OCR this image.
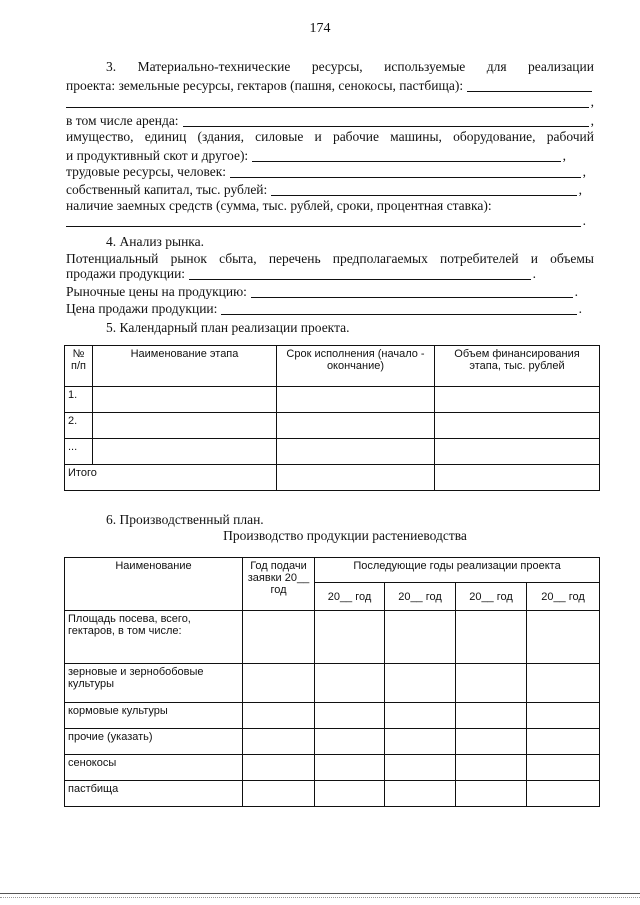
174
3. Материально-технические ресурсы, используемые для реализации
проекта: земельные ресурсы, гектаров (пашня, сенокосы, пастбища):
,
в том числе аренда:	,
имущество, единиц (здания, силовые и рабочие машины, оборудование, рабочий
и продуктивный скот и другое):	,
трудовые ресурсы, человек:	,
собственный капитал, тыс. рублей:	,
наличие заемных средств (сумма, тыс. рублей, сроки, процентная ставка):
.
4. Анализ рынка.
Потенциальный рынок сбыта, перечень предполагаемых потребителей и объемы
продажи продукции:	.
Рыночные цены на продукцию:	.
Цена продажи продукции:	.
5. Календарный план реализации проекта.
№ п/п	Наименование этапа	Срок исполнения (начало - окончание)	Объем финансирования этапа, тыс. рублей
1.			
2.			
...			
Итого			
6. Производственный план.
Производство продукции растениеводства
Наименование	Год подачи заявки 20__ год	Последующие годы реализации проекта			
		20__ год	20__ год	20__ год	20__ год
Площадь посева, всего, гектаров, в том числе:					
зерновые и зернобобовые культуры					
кормовые культуры					
прочие (указать)					
сенокосы					
пастбища					
